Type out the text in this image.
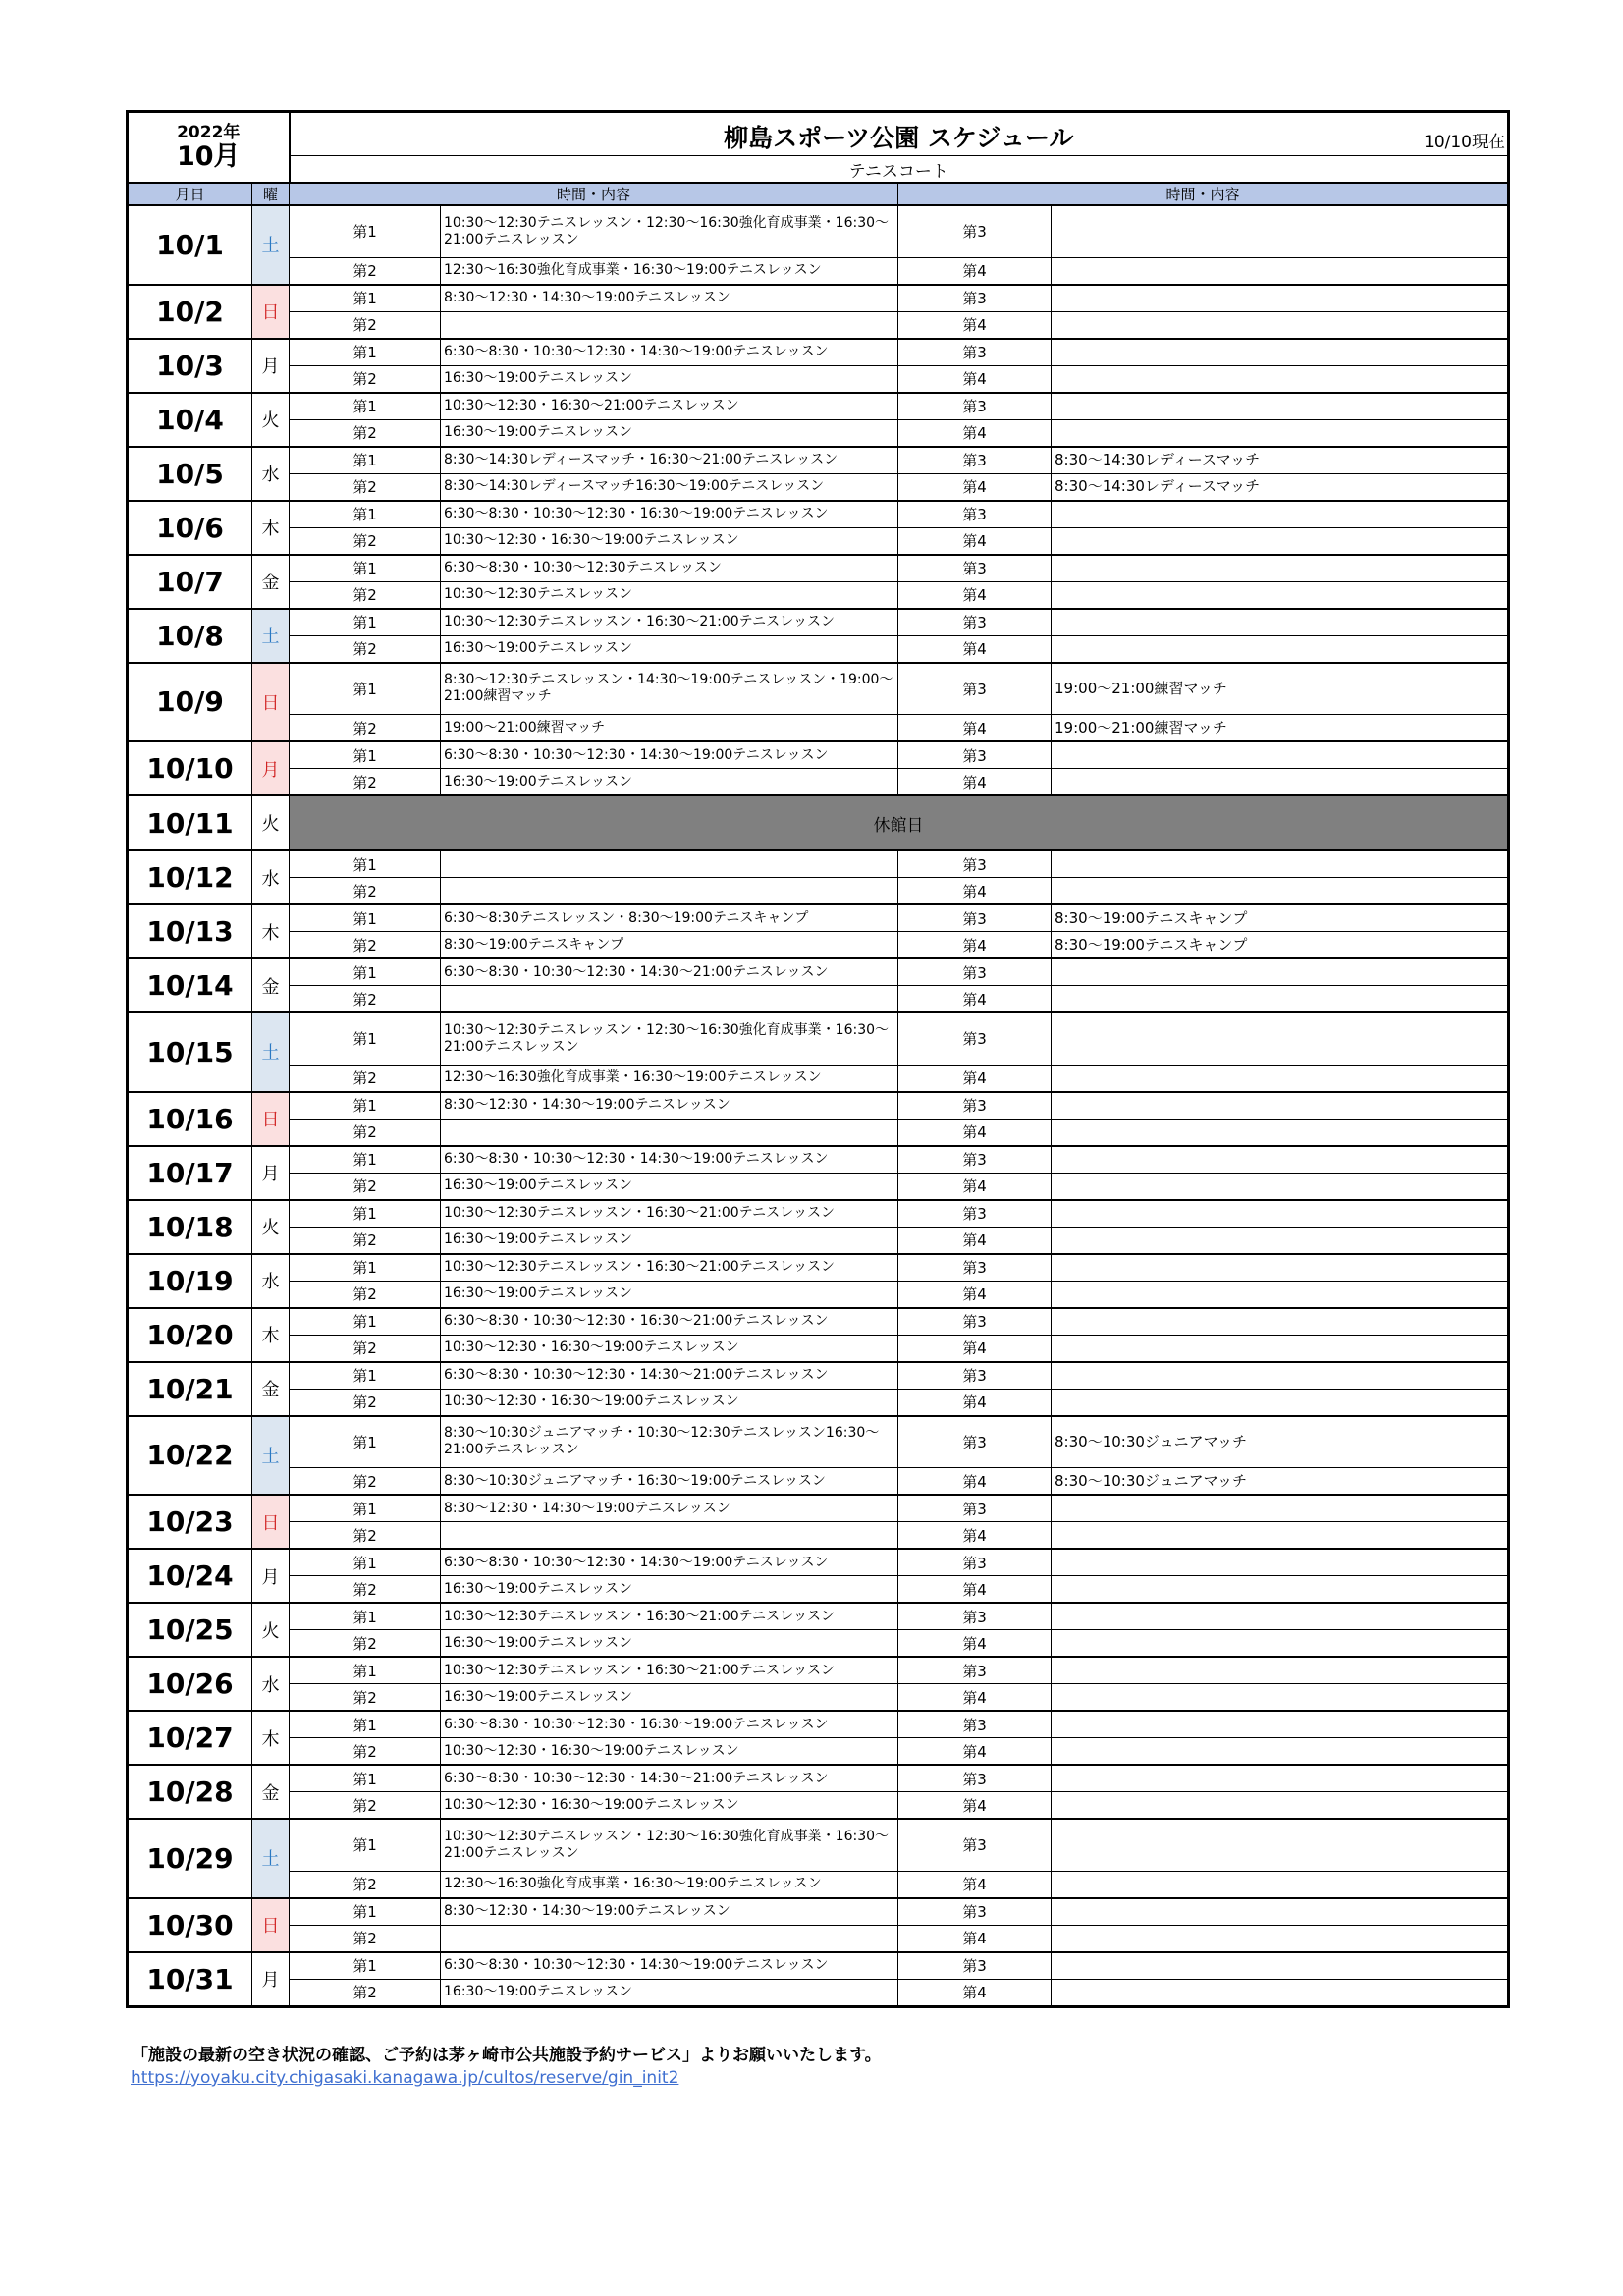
2022年
10月

柳島スポーツ公園 スケジュール	10/10現在

テニスコート
月日	曜	時間・内容		時間・内容	
10/1	土	第1	10:30～12:30テニスレッスン・12:30～16:30強化育成事業・16:30～21:00テニスレッスン	第3	
		第2	12:30～16:30強化育成事業・16:30～19:00テニスレッスン	第4	
10/2	日	第1	8:30～12:30・14:30～19:00テニスレッスン	第3	
		第2		第4	
10/3	月	第1	6:30～8:30・10:30～12:30・14:30～19:00テニスレッスン	第3	
		第2	16:30～19:00テニスレッスン	第4	
10/4	火	第1	10:30～12:30・16:30～21:00テニスレッスン	第3	
		第2	16:30～19:00テニスレッスン	第4	
10/5	水	第1	8:30～14:30レディースマッチ・16:30～21:00テニスレッスン	第3	8:30～14:30レディースマッチ
		第2	8:30～14:30レディースマッチ16:30～19:00テニスレッスン	第4	8:30～14:30レディースマッチ
10/6	木	第1	6:30～8:30・10:30～12:30・16:30～19:00テニスレッスン	第3	
		第2	10:30～12:30・16:30～19:00テニスレッスン	第4	
10/7	金	第1	6:30～8:30・10:30～12:30テニスレッスン	第3	
		第2	10:30～12:30テニスレッスン	第4	
10/8	土	第1	10:30～12:30テニスレッスン・16:30～21:00テニスレッスン	第3	
		第2	16:30～19:00テニスレッスン	第4	
10/9	日	第1	8:30～12:30テニスレッスン・14:30～19:00テニスレッスン・19:00～21:00練習マッチ	第3	19:00～21:00練習マッチ
		第2	19:00～21:00練習マッチ	第4	19:00～21:00練習マッチ
10/10	月	第1	6:30～8:30・10:30～12:30・14:30～19:00テニスレッスン	第3	
		第2	16:30～19:00テニスレッスン	第4	
10/11	火	休館日			
10/12	水	第1		第3	
		第2		第4	
10/13	木	第1	6:30～8:30テニスレッスン・8:30～19:00テニスキャンプ	第3	8:30～19:00テニスキャンプ
		第2	8:30～19:00テニスキャンプ	第4	8:30～19:00テニスキャンプ
10/14	金	第1	6:30～8:30・10:30～12:30・14:30～21:00テニスレッスン	第3	
		第2		第4	
10/15	土	第1	10:30～12:30テニスレッスン・12:30～16:30強化育成事業・16:30～21:00テニスレッスン	第3	
		第2	12:30～16:30強化育成事業・16:30～19:00テニスレッスン	第4	
10/16	日	第1	8:30～12:30・14:30～19:00テニスレッスン	第3	
		第2		第4	
10/17	月	第1	6:30～8:30・10:30～12:30・14:30～19:00テニスレッスン	第3	
		第2	16:30～19:00テニスレッスン	第4	
10/18	火	第1	10:30～12:30テニスレッスン・16:30～21:00テニスレッスン	第3	
		第2	16:30～19:00テニスレッスン	第4	
10/19	水	第1	10:30～12:30テニスレッスン・16:30～21:00テニスレッスン	第3	
		第2	16:30～19:00テニスレッスン	第4	
10/20	木	第1	6:30～8:30・10:30～12:30・16:30～21:00テニスレッスン	第3	
		第2	10:30～12:30・16:30～19:00テニスレッスン	第4	
10/21	金	第1	6:30～8:30・10:30～12:30・14:30～21:00テニスレッスン	第3	
		第2	10:30～12:30・16:30～19:00テニスレッスン	第4	
10/22	土	第1	8:30～10:30ジュニアマッチ・10:30～12:30テニスレッスン16:30～21:00テニスレッスン	第3	8:30～10:30ジュニアマッチ
		第2	8:30～10:30ジュニアマッチ・16:30～19:00テニスレッスン	第4	8:30～10:30ジュニアマッチ
10/23	日	第1	8:30～12:30・14:30～19:00テニスレッスン	第3	
		第2		第4	
10/24	月	第1	6:30～8:30・10:30～12:30・14:30～19:00テニスレッスン	第3	
		第2	16:30～19:00テニスレッスン	第4	
10/25	火	第1	10:30～12:30テニスレッスン・16:30～21:00テニスレッスン	第3	
		第2	16:30～19:00テニスレッスン	第4	
10/26	水	第1	10:30～12:30テニスレッスン・16:30～21:00テニスレッスン	第3	
		第2	16:30～19:00テニスレッスン	第4	
10/27	木	第1	6:30～8:30・10:30～12:30・16:30～19:00テニスレッスン	第3	
		第2	10:30～12:30・16:30～19:00テニスレッスン	第4	
10/28	金	第1	6:30～8:30・10:30～12:30・14:30～21:00テニスレッスン	第3	
		第2	10:30～12:30・16:30～19:00テニスレッスン	第4	
10/29	土	第1	10:30～12:30テニスレッスン・12:30～16:30強化育成事業・16:30～21:00テニスレッスン	第3	
		第2	12:30～16:30強化育成事業・16:30～19:00テニスレッスン	第4	
10/30	日	第1	8:30～12:30・14:30～19:00テニスレッスン	第3	
		第2		第4	
10/31	月	第1	6:30～8:30・10:30～12:30・14:30～19:00テニスレッスン	第3	
		第2	16:30～19:00テニスレッスン	第4	
「施設の最新の空き状況の確認、ご予約は茅ヶ崎市公共施設予約サービス」よりお願いいたします。
https://yoyaku.city.chigasaki.kanagawa.jp/cultos/reserve/gin_init2
